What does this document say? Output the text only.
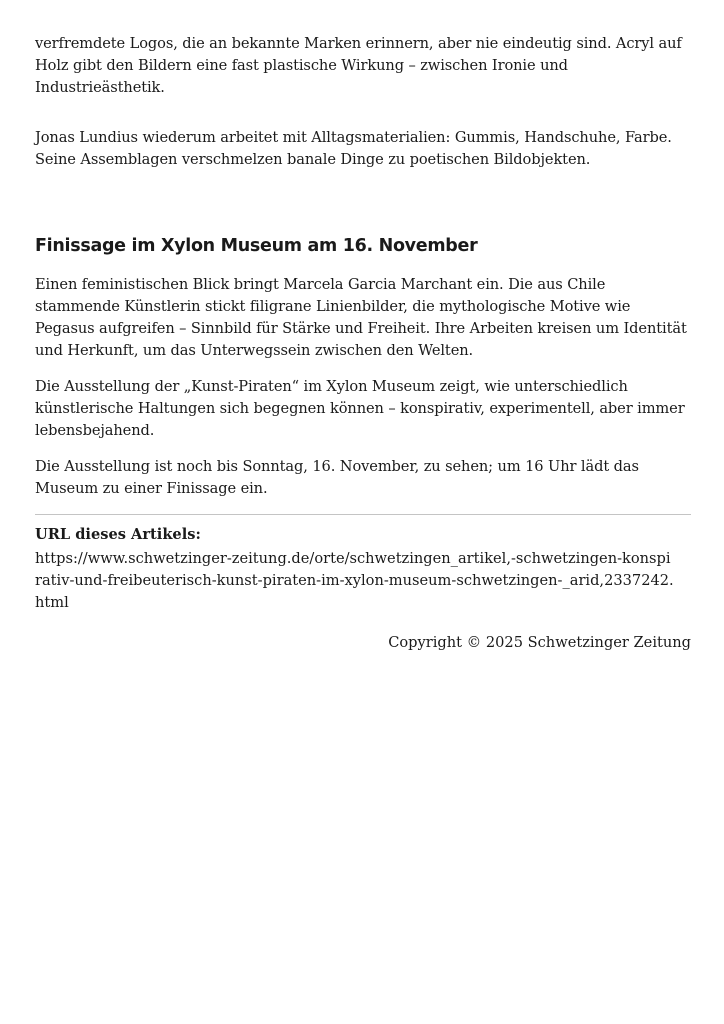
verfremdete Logos, die an bekannte Marken erinnern, aber nie eindeutig sind. Acryl auf Holz gibt den Bildern eine fast plastische Wirkung – zwischen Ironie und Industrieästhetik.

Jonas Lundius wiederum arbeitet mit Alltagsmaterialien: Gummis, Handschuhe, Farbe. Seine Assemblagen verschmelzen banale Dinge zu poetischen Bildobjekten.

Finissage im Xylon Museum am 16. November

Einen feministischen Blick bringt Marcela Garcia Marchant ein. Die aus Chile stammende Künstlerin stickt filigrane Linienbilder, die mythologische Motive wie Pegasus aufgreifen – Sinnbild für Stärke und Freiheit. Ihre Arbeiten kreisen um Identität und Herkunft, um das Unterwegssein zwischen den Welten.

Die Ausstellung der „Kunst-Piraten“ im Xylon Museum zeigt, wie unterschiedlich künstlerische Haltungen sich begegnen können – konspirativ, experimentell, aber immer lebensbejahend.

Die Ausstellung ist noch bis Sonntag, 16. November, zu sehen; um 16 Uhr lädt das Museum zu einer Finissage ein.

URL dieses Artikels:

https://www.schwetzinger-zeitung.de/orte/schwetzingen_artikel,-schwetzingen-konspirativ-und-freibeuterisch-kunst-piraten-im-xylon-museum-schwetzingen-_arid,2337242.html

Copyright © 2025 Schwetzinger Zeitung
